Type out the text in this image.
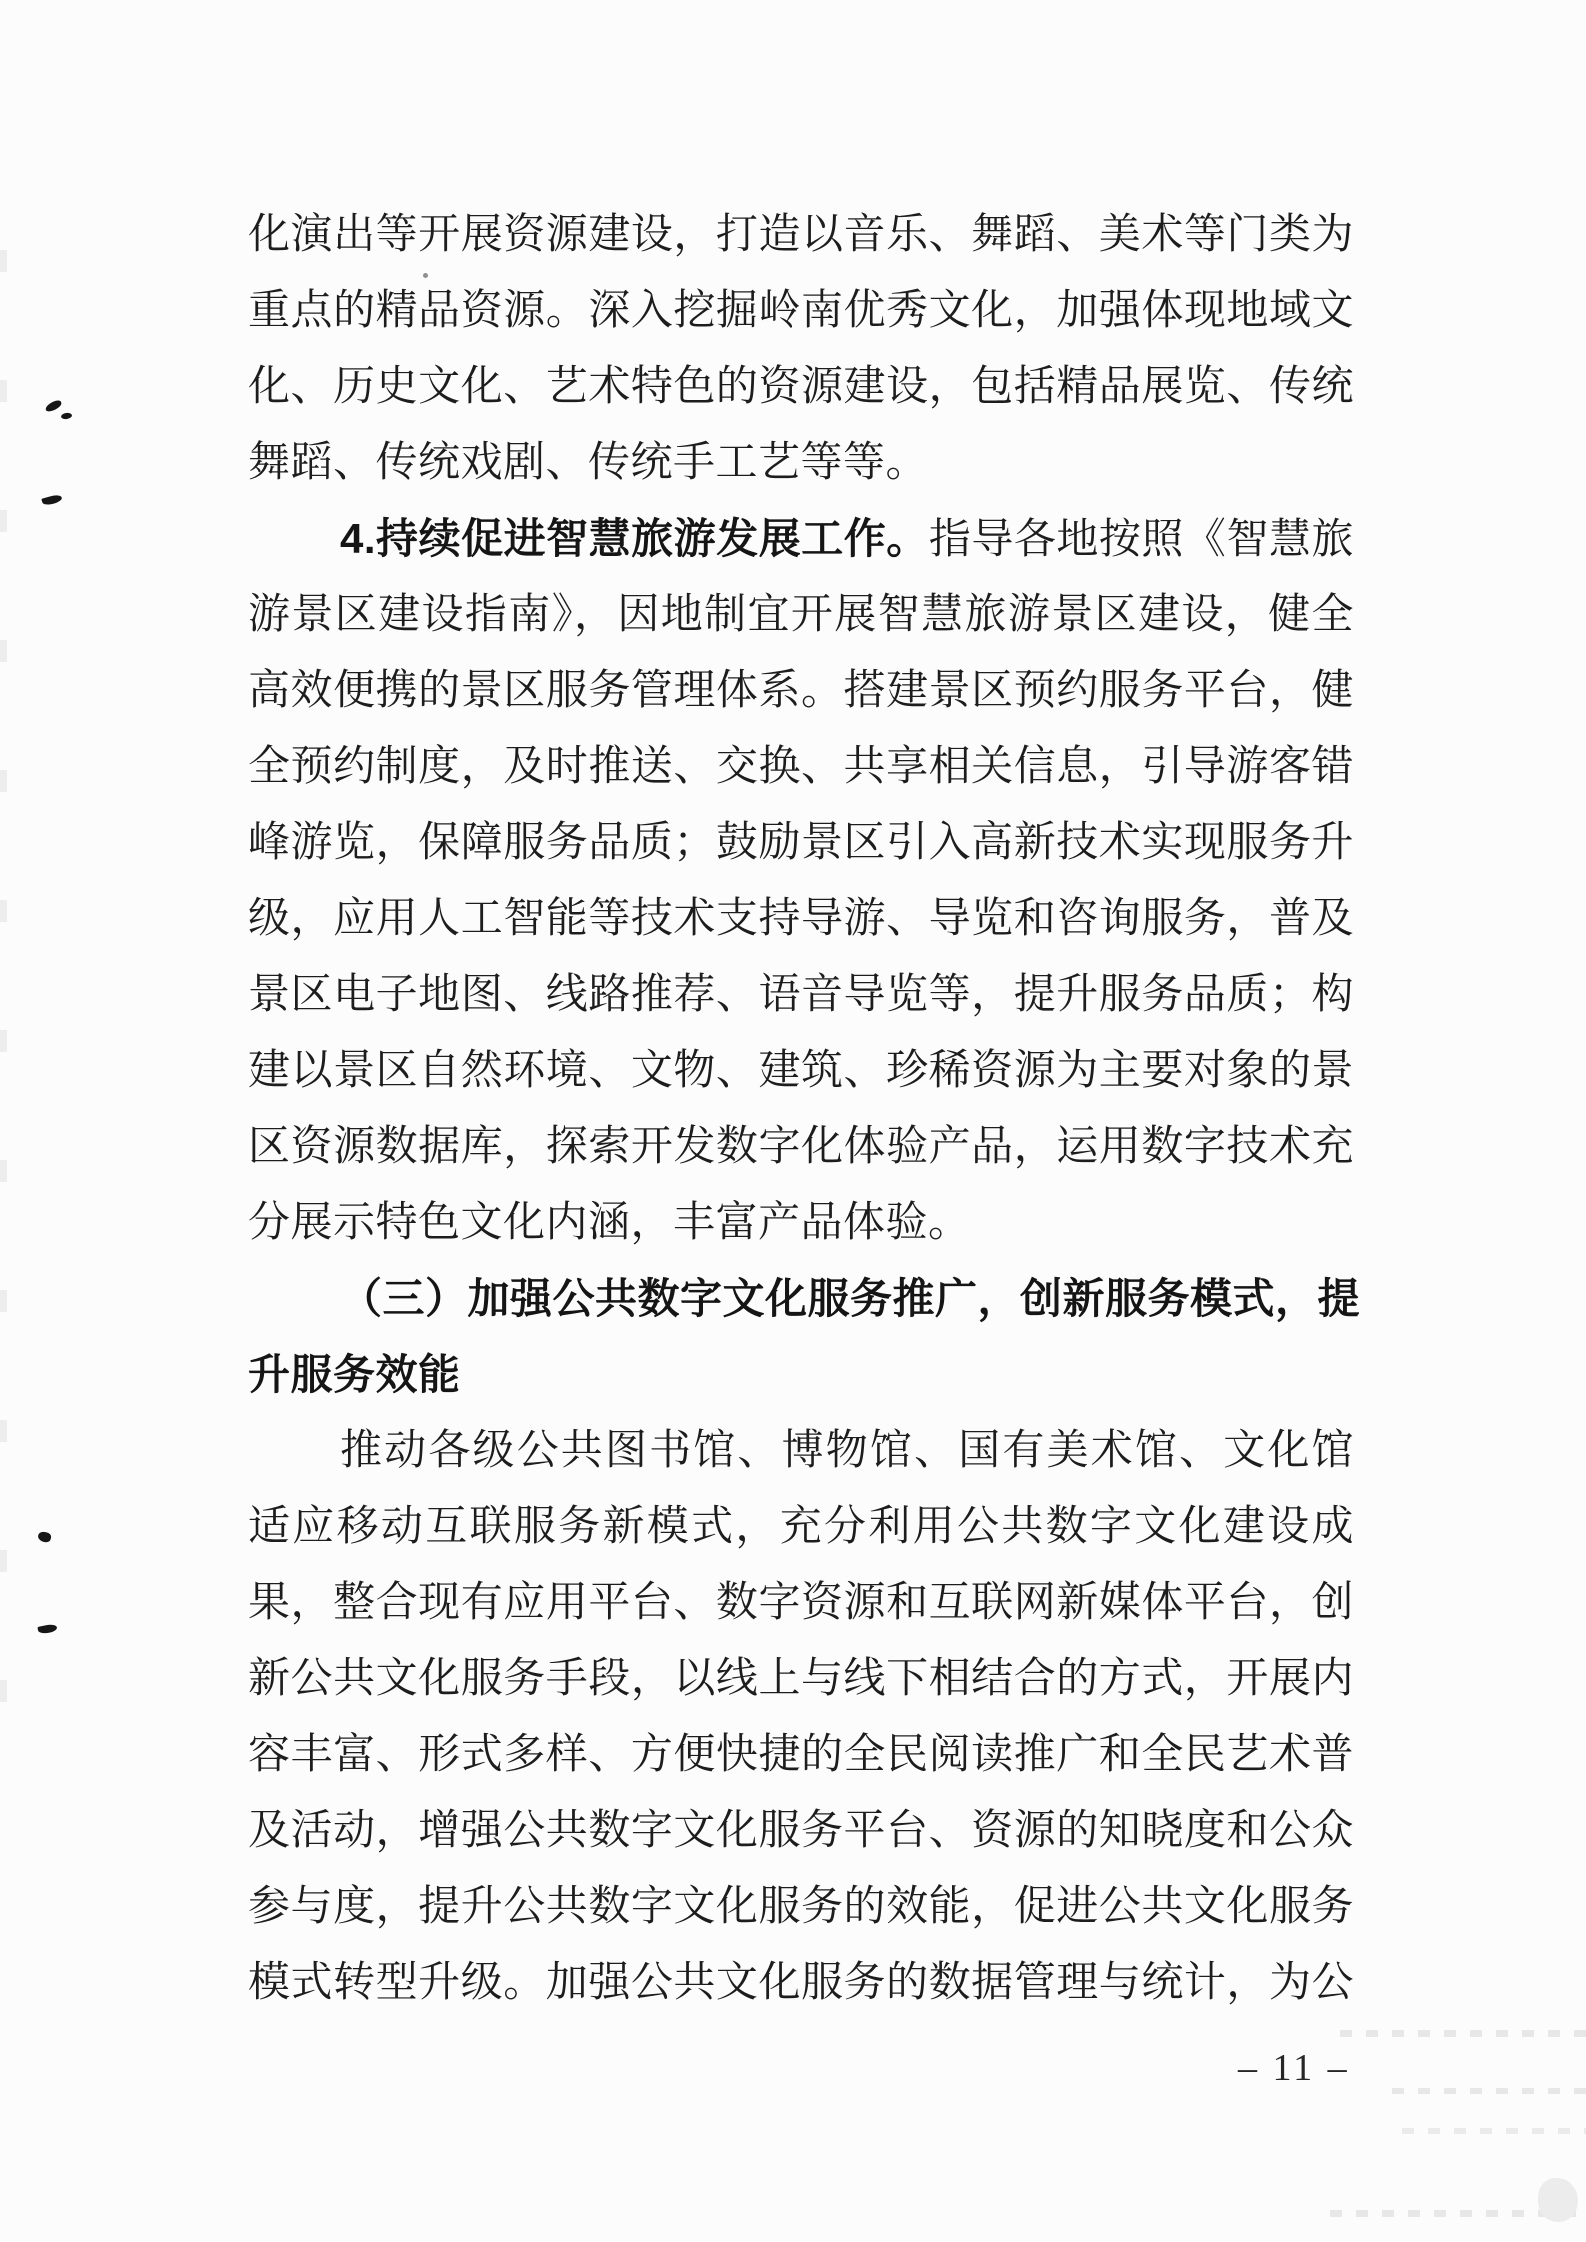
化演出等开展资源建设，打造以音乐、舞蹈、美术等门类为
重点的精品资源。深入挖掘岭南优秀文化，加强体现地域文
化、历史文化、艺术特色的资源建设，包括精品展览、传统
舞蹈、传统戏剧、传统手工艺等等。
4.持续促进智慧旅游发展工作。指导各地按照《智慧旅
游景区建设指南》，因地制宜开展智慧旅游景区建设，健全
高效便携的景区服务管理体系。搭建景区预约服务平台，健
全预约制度，及时推送、交换、共享相关信息，引导游客错
峰游览，保障服务品质；鼓励景区引入高新技术实现服务升
级，应用人工智能等技术支持导游、导览和咨询服务，普及
景区电子地图、线路推荐、语音导览等，提升服务品质；构
建以景区自然环境、文物、建筑、珍稀资源为主要对象的景
区资源数据库，探索开发数字化体验产品，运用数字技术充
分展示特色文化内涵，丰富产品体验。
（三）加强公共数字文化服务推广，创新服务模式，提
升服务效能
推动各级公共图书馆、博物馆、国有美术馆、文化馆
适应移动互联服务新模式，充分利用公共数字文化建设成
果，整合现有应用平台、数字资源和互联网新媒体平台，创
新公共文化服务手段，以线上与线下相结合的方式，开展内
容丰富、形式多样、方便快捷的全民阅读推广和全民艺术普
及活动，增强公共数字文化服务平台、资源的知晓度和公众
参与度，提升公共数字文化服务的效能，促进公共文化服务
模式转型升级。加强公共文化服务的数据管理与统计，为公
– 11 –
